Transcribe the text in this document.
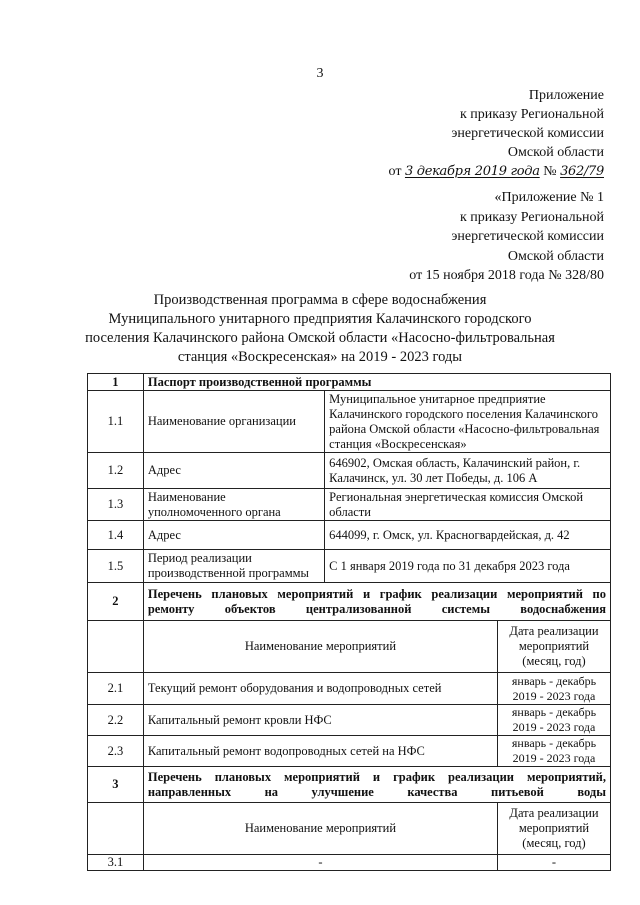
3
Приложение
к приказу Региональной
энергетической комиссии
Омской области
от 3 декабря 2019 года № 362/79
«Приложение № 1
к приказу Региональной
энергетической комиссии
Омской области
от 15 ноября 2018 года № 328/80
Производственная программа в сфере водоснабжения
Муниципального унитарного предприятия Калачинского городского
поселения Калачинского района Омской области «Насосно-фильтровальная
станция «Воскресенская» на 2019 - 2023 годы
1	Паспорт производственной программы		
1.1	Наименование организации	Муниципальное унитарное предприятие Калачинского городского поселения Калачинского района Омской области «Насосно-фильтровальная станция «Воскресенская»	
1.2	Адрес	646902, Омская область, Калачинский район, г. Калачинск, ул. 30 лет Победы, д. 106 А	
1.3	Наименование уполномоченного органа	Региональная энергетическая комиссия Омской области	
1.4	Адрес	644099, г. Омск, ул. Красногвардейская, д. 42	
1.5	Период реализации производственной программы	С 1 января 2019 года по 31 декабря 2023 года	
2	Перечень плановых мероприятий и график реализации мероприятий по ремонту объектов централизованной системы водоснабжения		
	Наименование мероприятий		Дата реализации мероприятий (месяц, год)
2.1	Текущий ремонт оборудования и водопроводных сетей		январь - декабрь 2019 - 2023 года
2.2	Капитальный ремонт кровли НФС		январь - декабрь 2019 - 2023 года
2.3	Капитальный ремонт водопроводных сетей на НФС		январь - декабрь 2019 - 2023 года
3	Перечень плановых мероприятий и график реализации мероприятий, направленных на улучшение качества питьевой воды		
	Наименование мероприятий		Дата реализации мероприятий (месяц, год)
3.1	-		-
